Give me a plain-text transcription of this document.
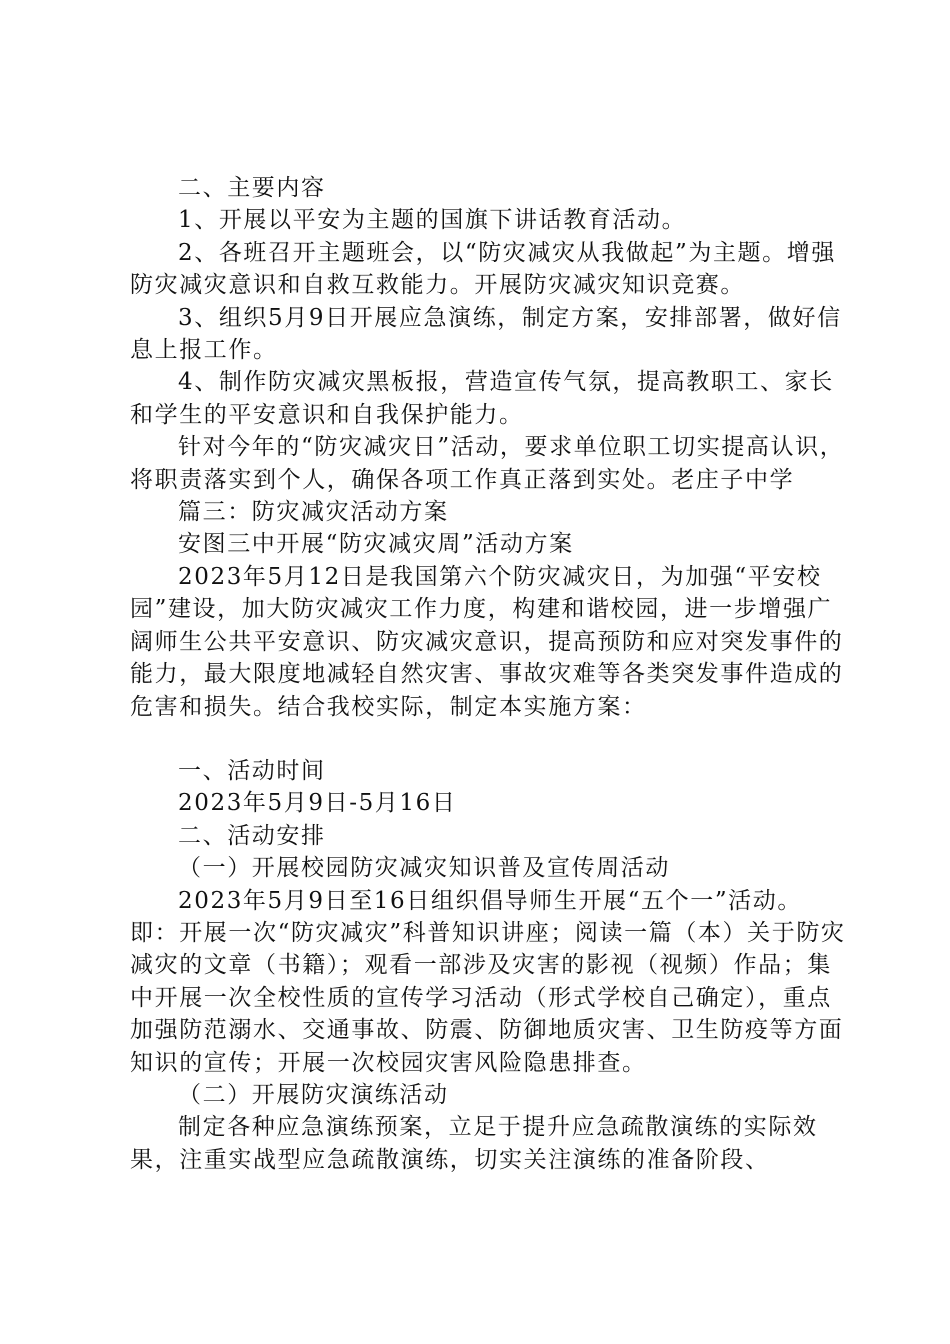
二、主要内容

1、开展以平安为主题的国旗下讲话教育活动。

2、各班召开主题班会，以“防灾减灾从我做起”为主题。增强防灾减灾意识和自救互救能力。开展防灾减灾知识竞赛。

3、组织5月9日开展应急演练，制定方案，安排部署，做好信息上报工作。

4、制作防灾减灾黑板报，营造宣传气氛，提高教职工、家长和学生的平安意识和自我保护能力。

针对今年的“防灾减灾日”活动，要求单位职工切实提高认识，将职责落实到个人，确保各项工作真正落到实处。老庄子中学

篇三：防灾减灾活动方案

安图三中开展“防灾减灾周”活动方案

2023年5月12日是我国第六个防灾减灾日，为加强“平安校园”建设，加大防灾减灾工作力度，构建和谐校园，进一步增强广阔师生公共平安意识、防灾减灾意识，提高预防和应对突发事件的能力，最大限度地减轻自然灾害、事故灾难等各类突发事件造成的危害和损失。结合我校实际，制定本实施方案：

一、活动时间

2023年5月9日-5月16日

二、活动安排

（一）开展校园防灾减灾知识普及宣传周活动

2023年5月9日至16日组织倡导师生开展“五个一”活动。即：开展一次“防灾减灾”科普知识讲座；阅读一篇（本）关于防灾减灾的文章（书籍）；观看一部涉及灾害的影视（视频）作品；集中开展一次全校性质的宣传学习活动（形式学校自己确定），重点加强防范溺水、交通事故、防震、防御地质灾害、卫生防疫等方面知识的宣传；开展一次校园灾害风险隐患排查。

（二）开展防灾演练活动

制定各种应急演练预案，立足于提升应急疏散演练的实际效果，注重实战型应急疏散演练，切实关注演练的准备阶段、
